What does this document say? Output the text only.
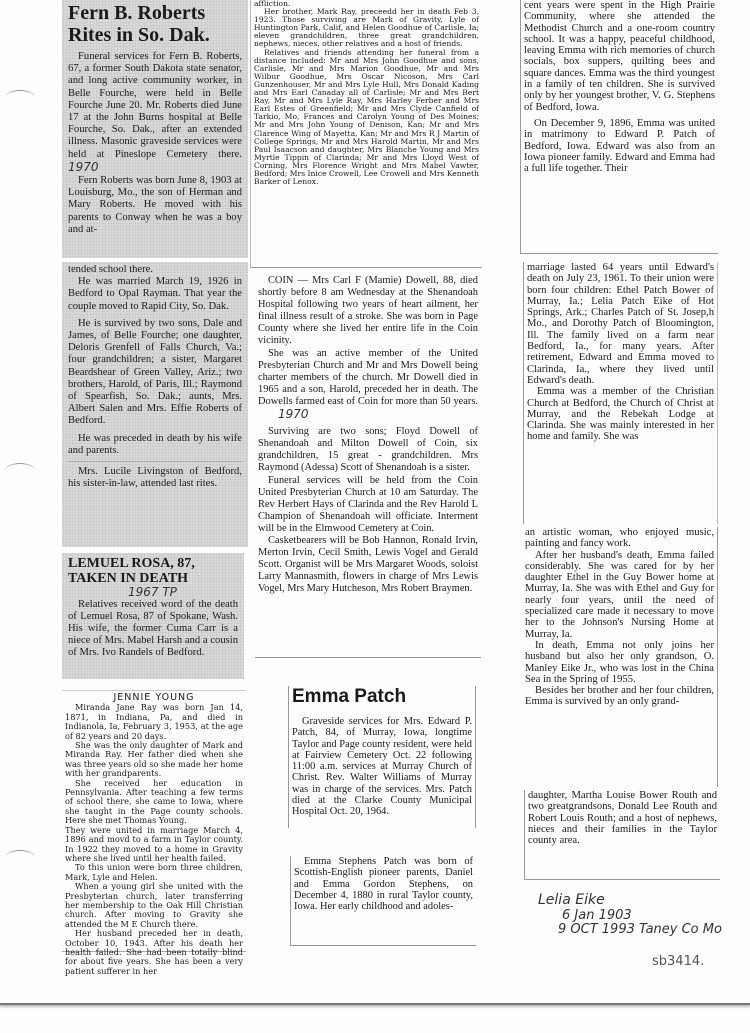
Fern B. Roberts Rites in So. Dak.

Funeral services for Fern B. Roberts, 67, a former South Dakota state senator, and long active community worker, in Belle Fourche, were held in Belle Fourche June 20. Mr. Roberts died June 17 at the John Burns hospital at Belle Fourche, So. Dak., after an extended illness. Masonic graveside services were held at Pineslope Cemetery there. 1970

Fern Roberts was born June 8, 1903 at Louisburg, Mo., the son of Herman and Mary Roberts. He moved with his parents to Conway when he was a boy and at-

tended school there.

He was married March 19, 1926 in Bedford to Opal Rayman. That year the couple moved to Rapid City, So. Dak.

He is survived by two sons, Dale and James, of Belle Fourche; one daughter, Deloris Grenfell of Falls Church, Va.; four grandchildren; a sister, Margaret Beardshear of Green Valley, Ariz.; two brothers, Harold, of Paris, Ill.; Raymond of Spearfish, So. Dak.; aunts, Mrs. Albert Salen and Mrs. Effie Roberts of Bedford.

He was preceded in death by his wife and parents.

Mrs. Lucile Livingston of Bedford, his sister-in-law, attended last rites.

LEMUEL ROSA, 87, TAKEN IN DEATH
1967 TP

Relatives received word of the death of Lemuel Rosa, 87 of Spokane, Wash. His wife, the former Cuma Carr is a niece of Mrs. Mabel Harsh and a cousin of Mrs. Ivo Randels of Bedford.

JENNIE YOUNG

Miranda Jane Ray was born Jan 14, 1871, in Indiana, Pa, and died in Indianola, Ia, February 3, 1953, at the age of 82 years and 20 days.

She was the only daughter of Mark and Miranda Ray. Her father died when she was three years old so she made her home with her grandparents.

She received her education in Pennsylvania. After teaching a few terms of school there, she came to Iowa, where she taught in the Page county schools. Here she met Thomas Young.

They were united in marriage March 4, 1896 and movd to a farm in Taylor county. In 1922 they moved to a home in Gravity where she lived until her health failed.

To this union were born three children, Mark, Lyle and Helen.

When a young girl she united with the Presbyterian church, later transferring her membership to the Oak Hill Christian church. After moving to Gravity she attended the M E Church there.

Her husband preceded her in death, October 10, 1943. After his death her health failed. She had been totally blind for about five years. She has been a very patient sufferer in her

affliction.

Her brother, Mark Ray, preceedd her in death Feb 3, 1923. Those surviving are Mark of Gravity, Lyle of Huntington Park, Calif, and Helen Goodhue of Carlisle, Ia; eleven grandchildren, three great grandchildren, nephews, nieces, other relatives and a host of friends.

Relatives and friends attending her funeral from a distance included: Mr and Mrs John Goodhue and sons, Carlisle, Mr and Mrs Marion Goodhue, Mr and Mrs Wilbur Goodhue, Mrs Oscar Nicoson, Mrs Carl Gunzenhouser, Mr and Mrs Lyle Hull, Mrs Donald Kading and Mrs Earl Canaday all of Carlisle; Mr and Mrs Bert Ray, Mr and Mrs Lyle Ray, Mrs Harley Ferber and Mrs Earl Estes of Greenfield; Mr and Mrs Clyde Canfield of Tarkio, Mo, Frances and Carolyn Young of Des Moines; Mr and Mrs John Young of Denison, Kan; Mr and Mrs Clarence Wing of Mayetta, Kan; Mr and Mrs R J Martin of College Springs, Mr and Mrs Harold Martin, Mr and Mrs Paul Isaacson and daughter, Mrs Blanche Young and Mrs Myrtle Tippin of Clarinda; Mr and Mrs Lloyd West of Corning, Mrs Florence Wright and Mrs Mabel Vawter, Bedford; Mrs Inice Crowell, Lee Crowell and Mrs Kenneth Barker of Lenox.

COIN — Mrs Carl F (Mamie) Dowell, 88, died shortly before 8 am Wednesday at the Shenandoah Hospital following two years of heart ailment, her final illness result of a stroke. She was born in Page County where she lived her entire life in the Coin vicinity.

She was an active member of the United Presbyterian Church and Mr and Mrs Dowell being charter members of the church. Mr Dowell died in 1965 and a son, Harold, preceded her in death. The Dowells farmed east of Coin for more than 50 years. 1970

Surviving are two sons; Floyd Dowell of Shenandoah and Milton Dowell of Coin, six grandchildren, 15 great - grandchildren. Mrs Raymond (Adessa) Scott of Shenandoah is a sister.

Funeral services will be held from the Coin United Presbyterian Church at 10 am Saturday. The Rev Herbert Hays of Clarinda and the Rev Harold L Champion of Shenandoah will officiate. Interment will be in the Elmwood Cemetery at Coin.

Casketbearers will be Bob Hannon, Ronald Irvin, Merton Irvin, Cecil Smith, Lewis Vogel and Gerald Scott. Organist will be Mrs Margaret Woods, soloist Larry Mannasmith, flowers in charge of Mrs Lewis Vogel, Mrs Mary Hutcheson, Mrs Robert Braymen.

Emma Patch

Graveside services for Mrs. Edward P. Patch, 84, of Murray, Iowa, longtime Taylor and Page county resident, were held at Fairview Cemetery Oct. 22 following 11:00 a.m. services at Murray Church of Christ. Rev. Walter Williams of Murray was in charge of the services. Mrs. Patch died at the Clarke County Municipal Hospital Oct. 20, 1964.

Emma Stephens Patch was born of Scottish-English pioneer parents, Daniel and Emma Gordon Stephens, on December 4, 1880 in rural Taylor county, Iowa. Her early childhood and adoles-

cent years were spent in the High Prairie Community, where she attended the Methodist Church and a one-room country school. It was a happy, peaceful childhood, leaving Emma with rich memories of church socials, box suppers, quilting bees and square dances. Emma was the third youngest in a family of ten children. She is survived only by her youngest brother, V. G. Stephens of Bedford, Iowa.

On December 9, 1896, Emma was united in matrimony to Edward P. Patch of Bedford, Iowa. Edward was also from an Iowa pioneer family. Edward and Emma had a full life together. Their

marriage lasted 64 years until Edward's death on July 23, 1961. To their union were born four children: Ethel Patch Bower of Murray, Ia.; Lelia Patch Eike of Hot Springs, Ark.; Charles Patch of St. Josep,h Mo., and Dorothy Patch of Bloomington, Ill. The family lived on a farm near Bedford, Ia., for many years. After retirement, Edward and Emma moved to Clarinda, Ia., where they lived until Edward's death.

Emma was a member of the Christian Church at Bedford, the Church of Christ at Murray, and the Rebekah Lodge at Clarinda. She was mainly interested in her home and family. She was

an artistic woman, who enjoyed music, painting and fancy work.

After her husband's death, Emma failed considerably. She was cared for by her daughter Ethel in the Guy Bower home at Murray, Ia. She was with Ethel and Guy for nearly four years, until the need of specialized care made it necessary to move her to the Johnson's Nursing Home at Murray, Ia.

In death, Emma not only joins her husband but also her only grandson, O. Manley Eike Jr., who was lost in the China Sea in the Spring of 1955.

Besides her brother and her four children, Emma is survived by an only grand-

daughter, Martha Louise Bower Routh and two greatgrandsons, Donald Lee Routh and Robert Louis Routh; and a host of nephews, nieces and their families in the Taylor county area.

Lelia Eike
6 Jan 1903
9 OCT 1993 Taney Co Mo
sb3414.
